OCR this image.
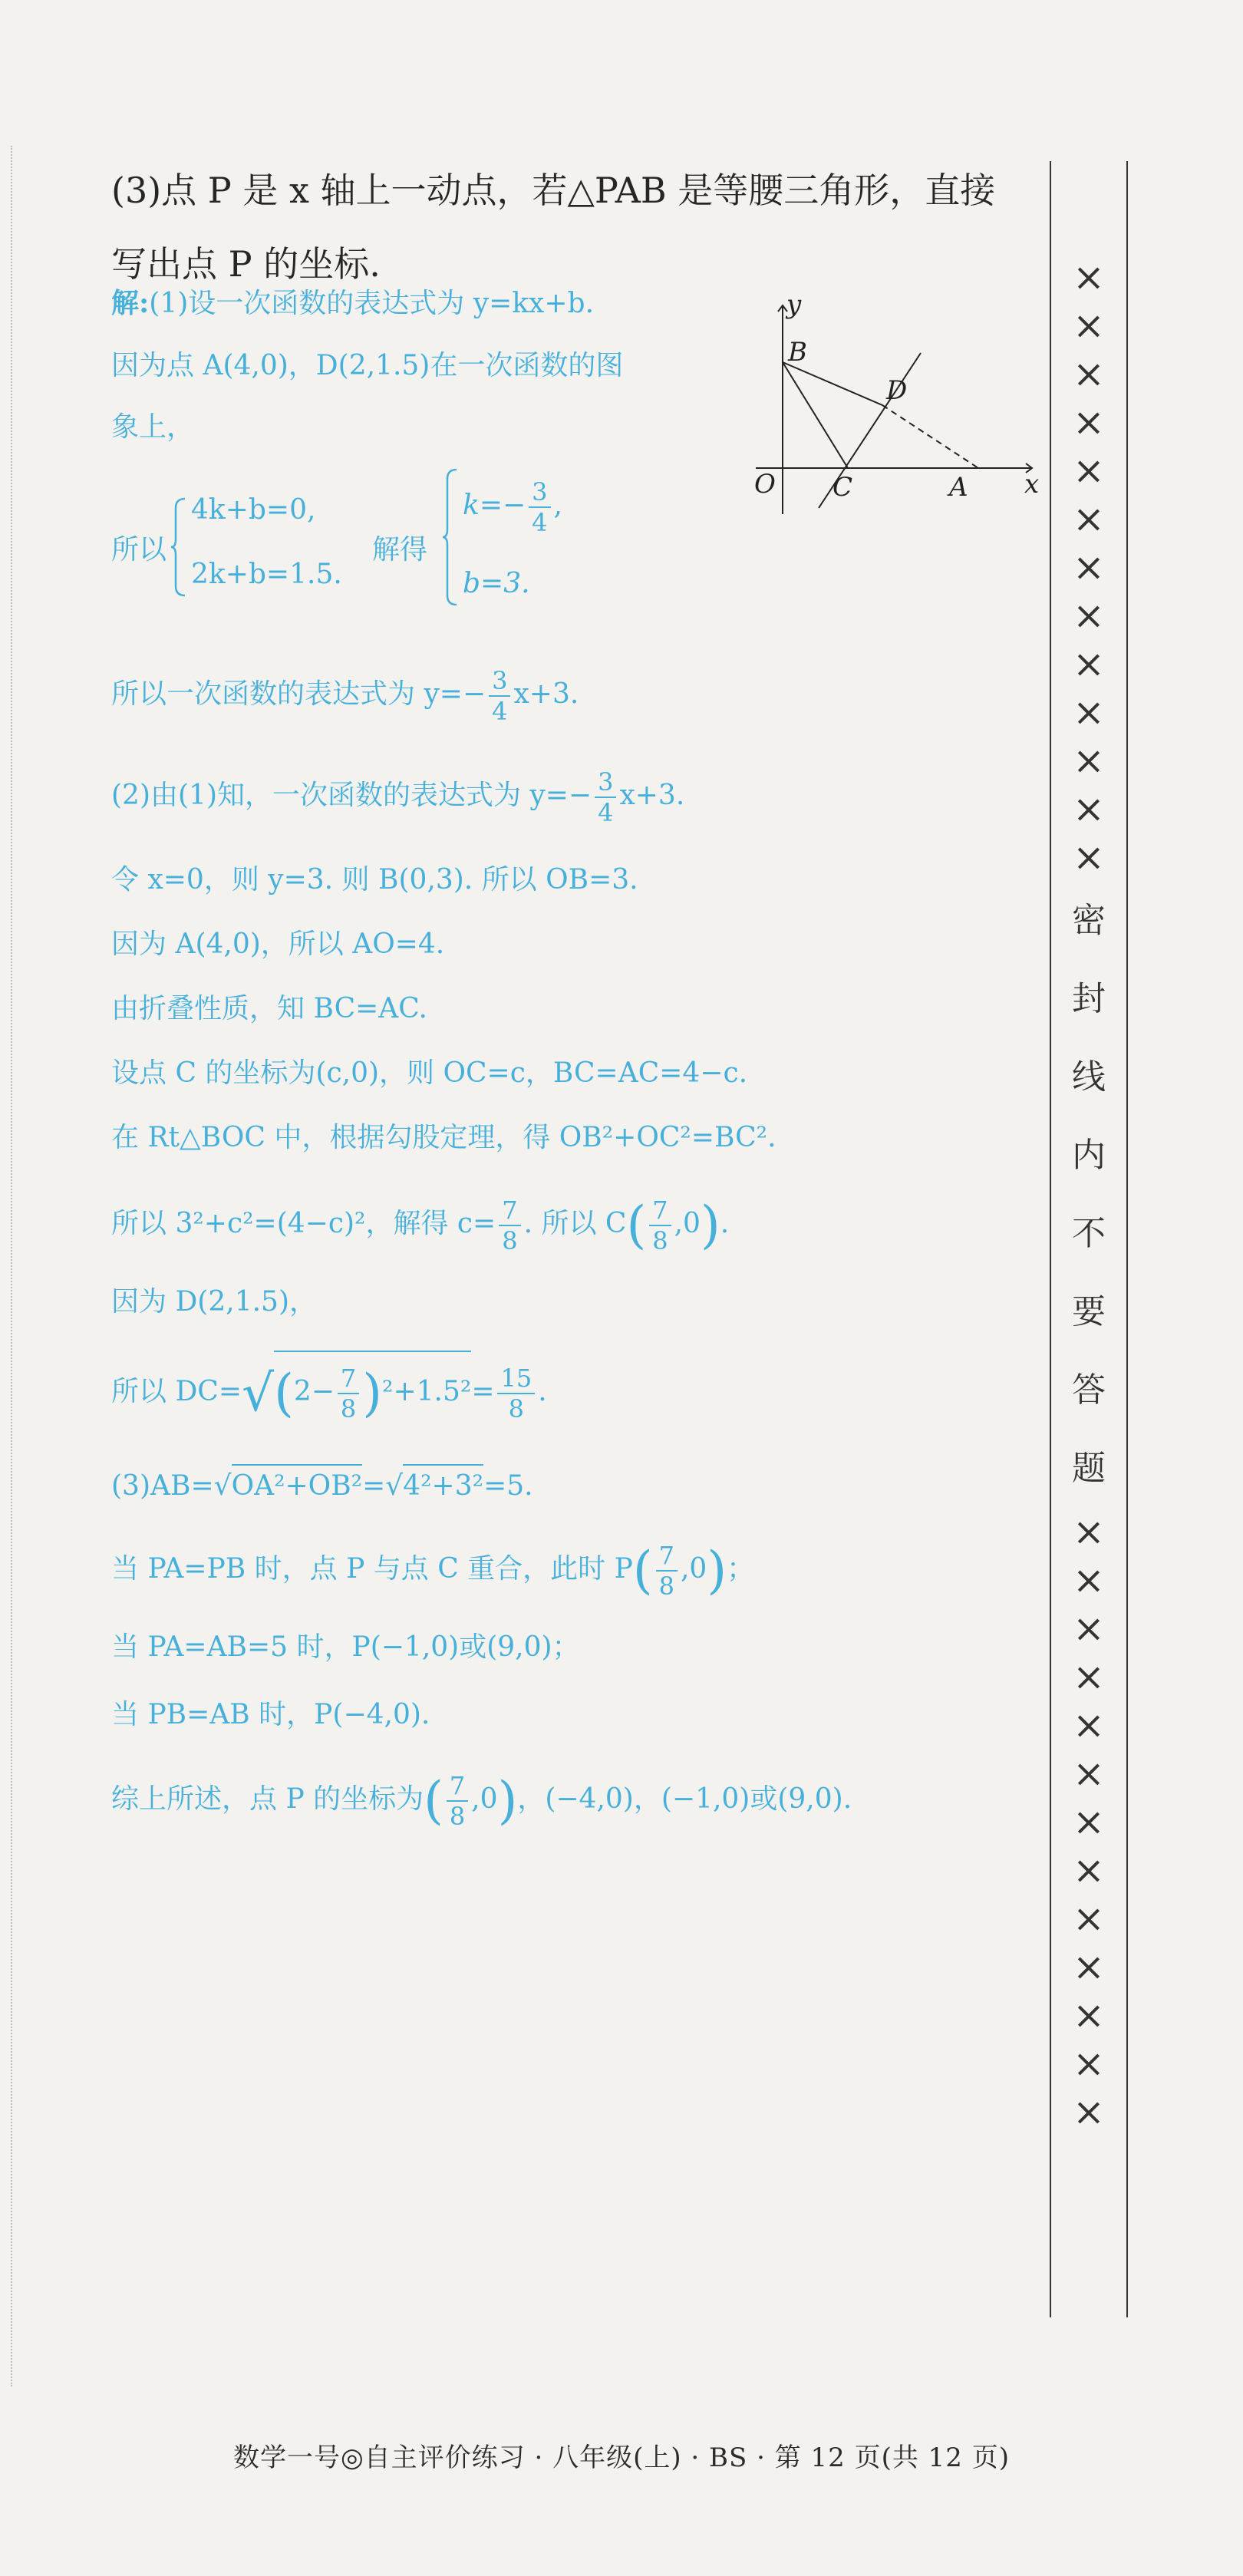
(3)点 P 是 x 轴上一动点，若△PAB 是等腰三角形，直接
写出点 P 的坐标.
解:(1)设一次函数的表达式为 y=kx+b.
因为点 A(4,0)，D(2,1.5)在一次函数的图
象上，
所以
4k+b=0,
2k+b=1.5.
解得
$k=- \frac{3}{4}$ ,
b=3.
所以一次函数的表达式为 $y=- \frac{3}{4} x+3$.
(2)由(1)知，一次函数的表达式为 $y=- \frac{3}{4} x+3$.
令 x=0，则 y=3. 则 B(0,3). 所以 OB=3.
因为 A(4,0)，所以 AO=4.
由折叠性质，知 BC=AC.
设点 C 的坐标为(c,0)，则 OC=c，BC=AC=4−c.
在 Rt△BOC 中，根据勾股定理，得 OB²+OC²=BC².
所以 3²+c²=(4−c)²，解得 $c= \frac{7}{8}$ . 所以 $C( \frac{7}{8} ,0)$.
因为 D(2,1.5)，
所以 $DC=√(2- \frac{7}{8} )^2+1.5^2= \frac{15}{8}$ .
(3)AB=√OA²+OB²=√4²+3²=5.
当 PA=PB 时，点 P 与点 C 重合，此时 $P( \frac{7}{8} ,0)$；
当 PA=AB=5 时，P(−1,0)或(9,0)；
当 PB=AB 时，P(−4,0).
综上所述，点 P 的坐标为( $\frac{7}{8} ,0$)，(−4,0)，(−1,0)或(9,0).
y
x
O
B
D
C	A
×
×
×
×
×
×
×
×
×
×
×
×
×
密
封
线
内
不
要
答
题
×
×
×
×
×
×
×
×
×
×
×
×
×
数学一号◎自主评价练习 · 八年级(上) · BS · 第 12 页(共 12 页)
